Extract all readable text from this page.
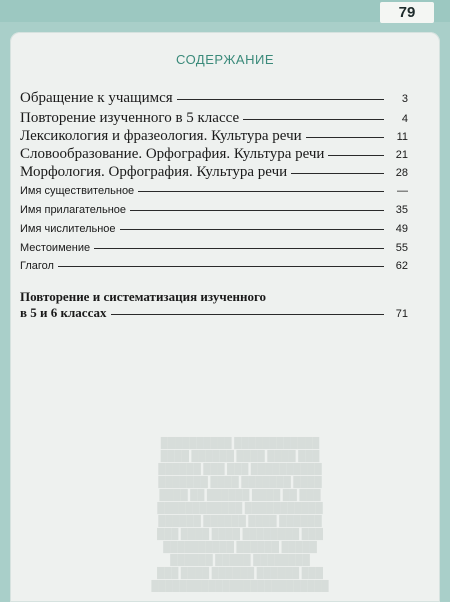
79
█████████████████████████
███ ██████ ██████ ████ ███
████████ █████ ██████
█████ ██████ ██████████
███ ████████ ████ ████ ███
██████ ████ ██████ ██████
███████████ ████████████
███ ██ ████ ██████ ██ ████
████ ███████ ████ ███████
██████████ ███ ███ ██████
███ ████ ████ ██████ ████
████████████ ██████████
СОДЕРЖАНИЕ
Обращение к учащимся	3
Повторение изученного в 5 классе	4
Лексикология и фразеология. Культура речи	11
Словообразование. Орфография. Культура речи	21
Морфология. Орфография. Культура речи	28
Имя существительное	—
Имя прилагательное	35
Имя числительное	49
Местоимение	55
Глагол	62
Повторение и систематизация изученного
в 5 и 6 классах	71
